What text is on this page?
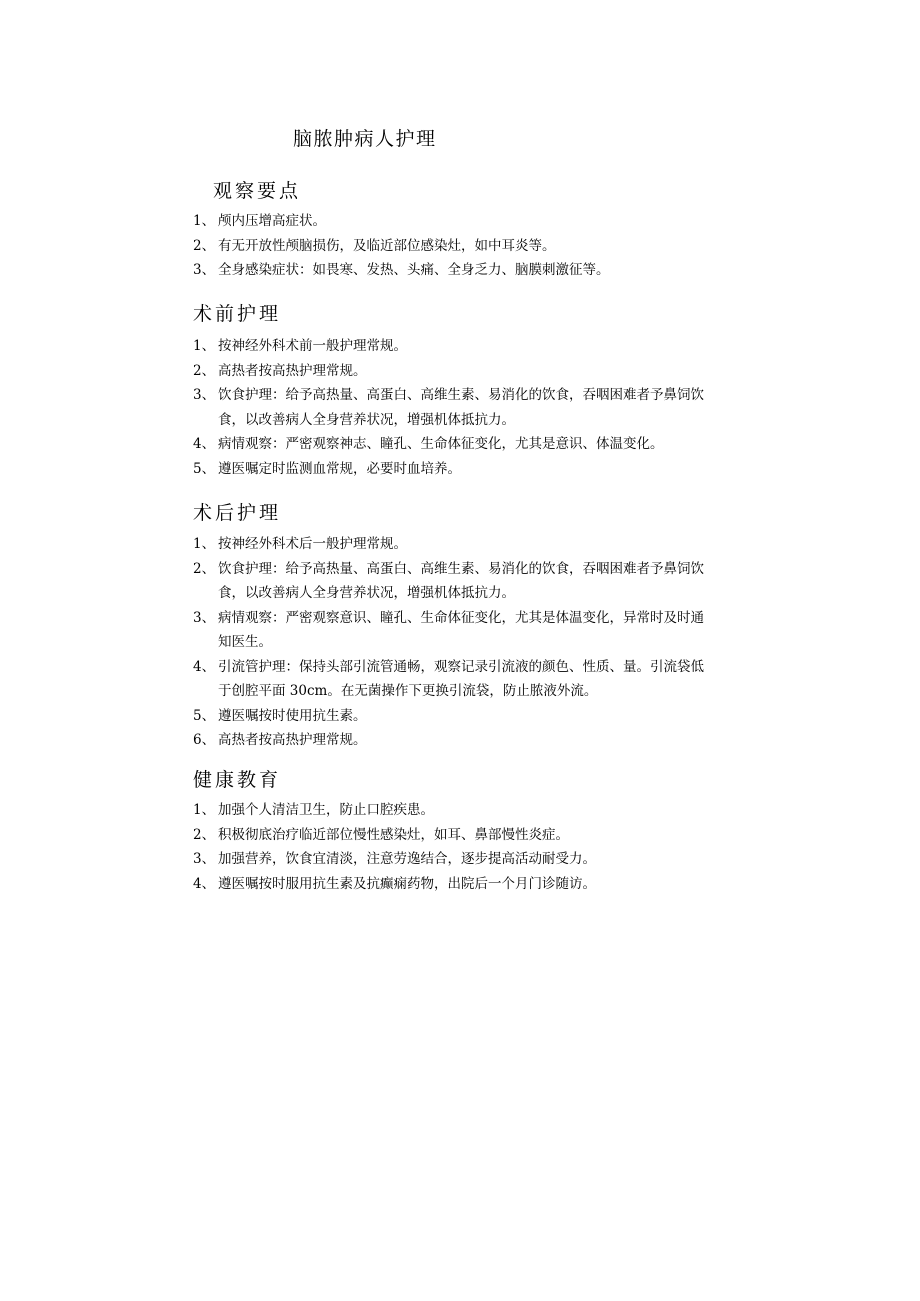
脑脓肿病人护理
观察要点
1、 颅内压增高症状。
2、 有无开放性颅脑损伤，及临近部位感染灶，如中耳炎等。
3、 全身感染症状：如畏寒、发热、头痛、全身乏力、脑膜刺激征等。
术前护理
1、 按神经外科术前一般护理常规。
2、 高热者按高热护理常规。
3、 饮食护理：给予高热量、高蛋白、高维生素、易消化的饮食，吞咽困难者予鼻饲饮
食，以改善病人全身营养状况，增强机体抵抗力。
4、 病情观察：严密观察神志、瞳孔、生命体征变化，尤其是意识、体温变化。
5、 遵医嘱定时监测血常规，必要时血培养。
术后护理
1、 按神经外科术后一般护理常规。
2、 饮食护理：给予高热量、高蛋白、高维生素、易消化的饮食，吞咽困难者予鼻饲饮
食，以改善病人全身营养状况，增强机体抵抗力。
3、 病情观察：严密观察意识、瞳孔、生命体征变化，尤其是体温变化，异常时及时通
知医生。
4、 引流管护理：保持头部引流管通畅，观察记录引流液的颜色、性质、量。引流袋低
于创腔平面 30cm。在无菌操作下更换引流袋，防止脓液外流。
5、 遵医嘱按时使用抗生素。
6、 高热者按高热护理常规。
健康教育
1、 加强个人清洁卫生，防止口腔疾患。
2、 积极彻底治疗临近部位慢性感染灶，如耳、鼻部慢性炎症。
3、 加强营养，饮食宜清淡，注意劳逸结合，逐步提高活动耐受力。
4、 遵医嘱按时服用抗生素及抗癫痫药物，出院后一个月门诊随访。
